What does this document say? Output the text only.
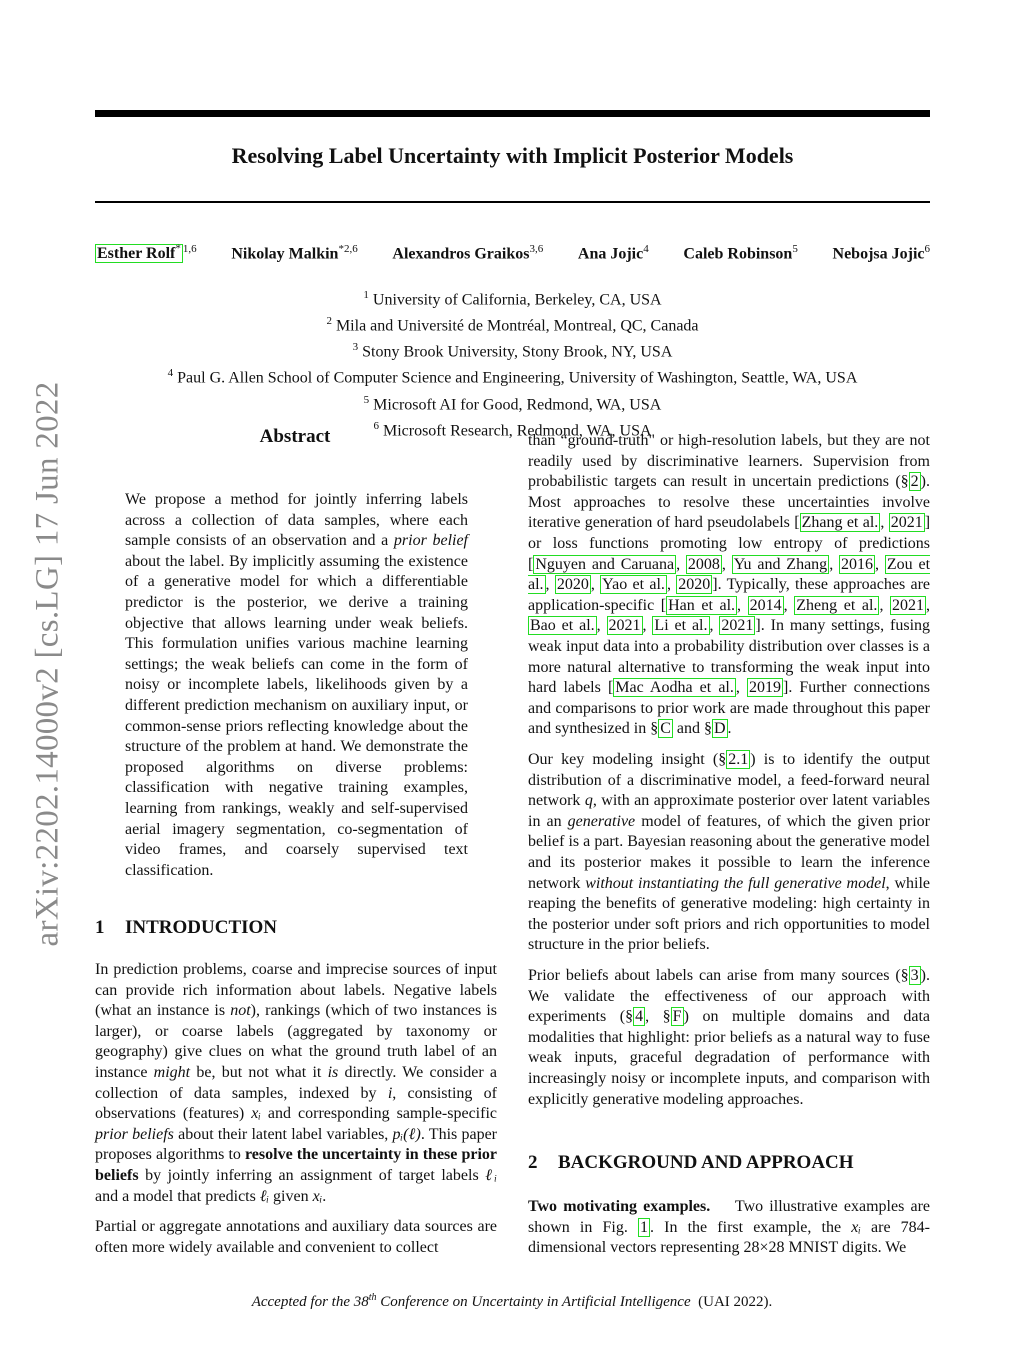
Resolving Label Uncertainty with Implicit Posterior Models
Esther Rolf* $^{1,6}$ Nikolay Malkin$^{*2,6}$ Alexandros Graikos$^{3,6}$ Ana Jojic$^4$ Caleb Robinson$^5$ Nebojsa Jojic$^6$
$^1$ University of California, Berkeley, CA, USA
$^2$ Mila and Université de Montréal, Montreal, QC, Canada
$^3$ Stony Brook University, Stony Brook, NY, USA
$^4$ Paul G. Allen School of Computer Science and Engineering, University of Washington, Seattle, WA, USA
$^5$ Microsoft AI for Good, Redmond, WA, USA
$^6$ Microsoft Research, Redmond, WA, USA
arXiv:2202.14000v2 [cs.LG] 17 Jun 2022	Abstract

We propose a method for jointly inferring labels across a collection of data samples, where each sample consists of an observation and a prior belief about the label. By implicitly assuming the existence of a generative model for which a differentiable predictor is the posterior, we derive a training objective that allows learning under weak beliefs. This formulation unifies various machine learning settings; the weak beliefs can come in the form of noisy or incomplete labels, likelihoods given by a different prediction mechanism on auxiliary input, or common-sense priors reflecting knowledge about the structure of the problem at hand. We demonstrate the proposed algorithms on diverse problems: classification with negative training examples, learning from rankings, weakly and self-supervised aerial imagery segmentation, co-segmentation of video frames, and coarsely supervised text classification.

1 INTRODUCTION

In prediction problems, coarse and imprecise sources of input can provide rich information about labels. Negative labels (what an instance is not), rankings (which of two instances is larger), or coarse labels (aggregated by taxonomy or geography) give clues on what the ground truth label of an instance might be, but not what it is directly. We consider a collection of data samples, indexed by i, consisting of observations (features) xᵢ and corresponding sample-specific prior beliefs about their latent label variables, pᵢ(ℓ). This paper proposes algorithms to resolve the uncertainty in these prior beliefs by jointly inferring an assignment of target labels ℓᵢ and a model that predicts ℓᵢ given xᵢ.

Partial or aggregate annotations and auxiliary data sources are often more widely available and convenient to collect

than “ground-truth" or high-resolution labels, but they are not readily used by discriminative learners. Supervision from probabilistic targets can result in uncertain predictions (§ 2 ). Most approaches to resolve these uncertainties involve iterative generation of hard pseudolabels [ Zhang et al. , 2021 ] or loss functions promoting low entropy of predictions [ Nguyen and Caruana , 2008 , Yu and Zhang , 2016 , Zou et al. , 2020 , Yao et al. , 2020 ]. Typically, these approaches are application-specific [ Han et al. , 2014 , Zheng et al. , 2021 , Bao et al. , 2021 , Li et al. , 2021 ]. In many settings, fusing weak input data into a probability distribution over classes is a more natural alternative to transforming the weak input into hard labels [ Mac Aodha et al. , 2019 ]. Further connections and comparisons to prior work are made throughout this paper and synthesized in § C and § D .

Our key modeling insight (§ 2.1 ) is to identify the output distribution of a discriminative model, a feed-forward neural network q, with an approximate posterior over latent variables in an generative model of features, of which the given prior belief is a part. Bayesian reasoning about the generative model and its posterior makes it possible to learn the inference network without instantiating the full generative model, while reaping the benefits of generative modeling: high certainty in the posterior under soft priors and rich opportunities to model structure in the prior beliefs.

Prior beliefs about labels can arise from many sources (§ 3 ). We validate the effectiveness of our approach with experiments (§ 4 , § F ) on multiple domains and data modalities that highlight: prior beliefs as a natural way to fuse weak inputs, graceful degradation of performance with increasingly noisy or incomplete inputs, and comparison with explicitly generative modeling approaches.

2 BACKGROUND AND APPROACH

Two motivating examples. Two illustrative examples are shown in Fig. 1 . In the first example, the xᵢ are 784-dimensional vectors representing 28×28 MNIST digits. We

Accepted for the 38th Conference on Uncertainty in Artificial Intelligence (UAI 2022).
